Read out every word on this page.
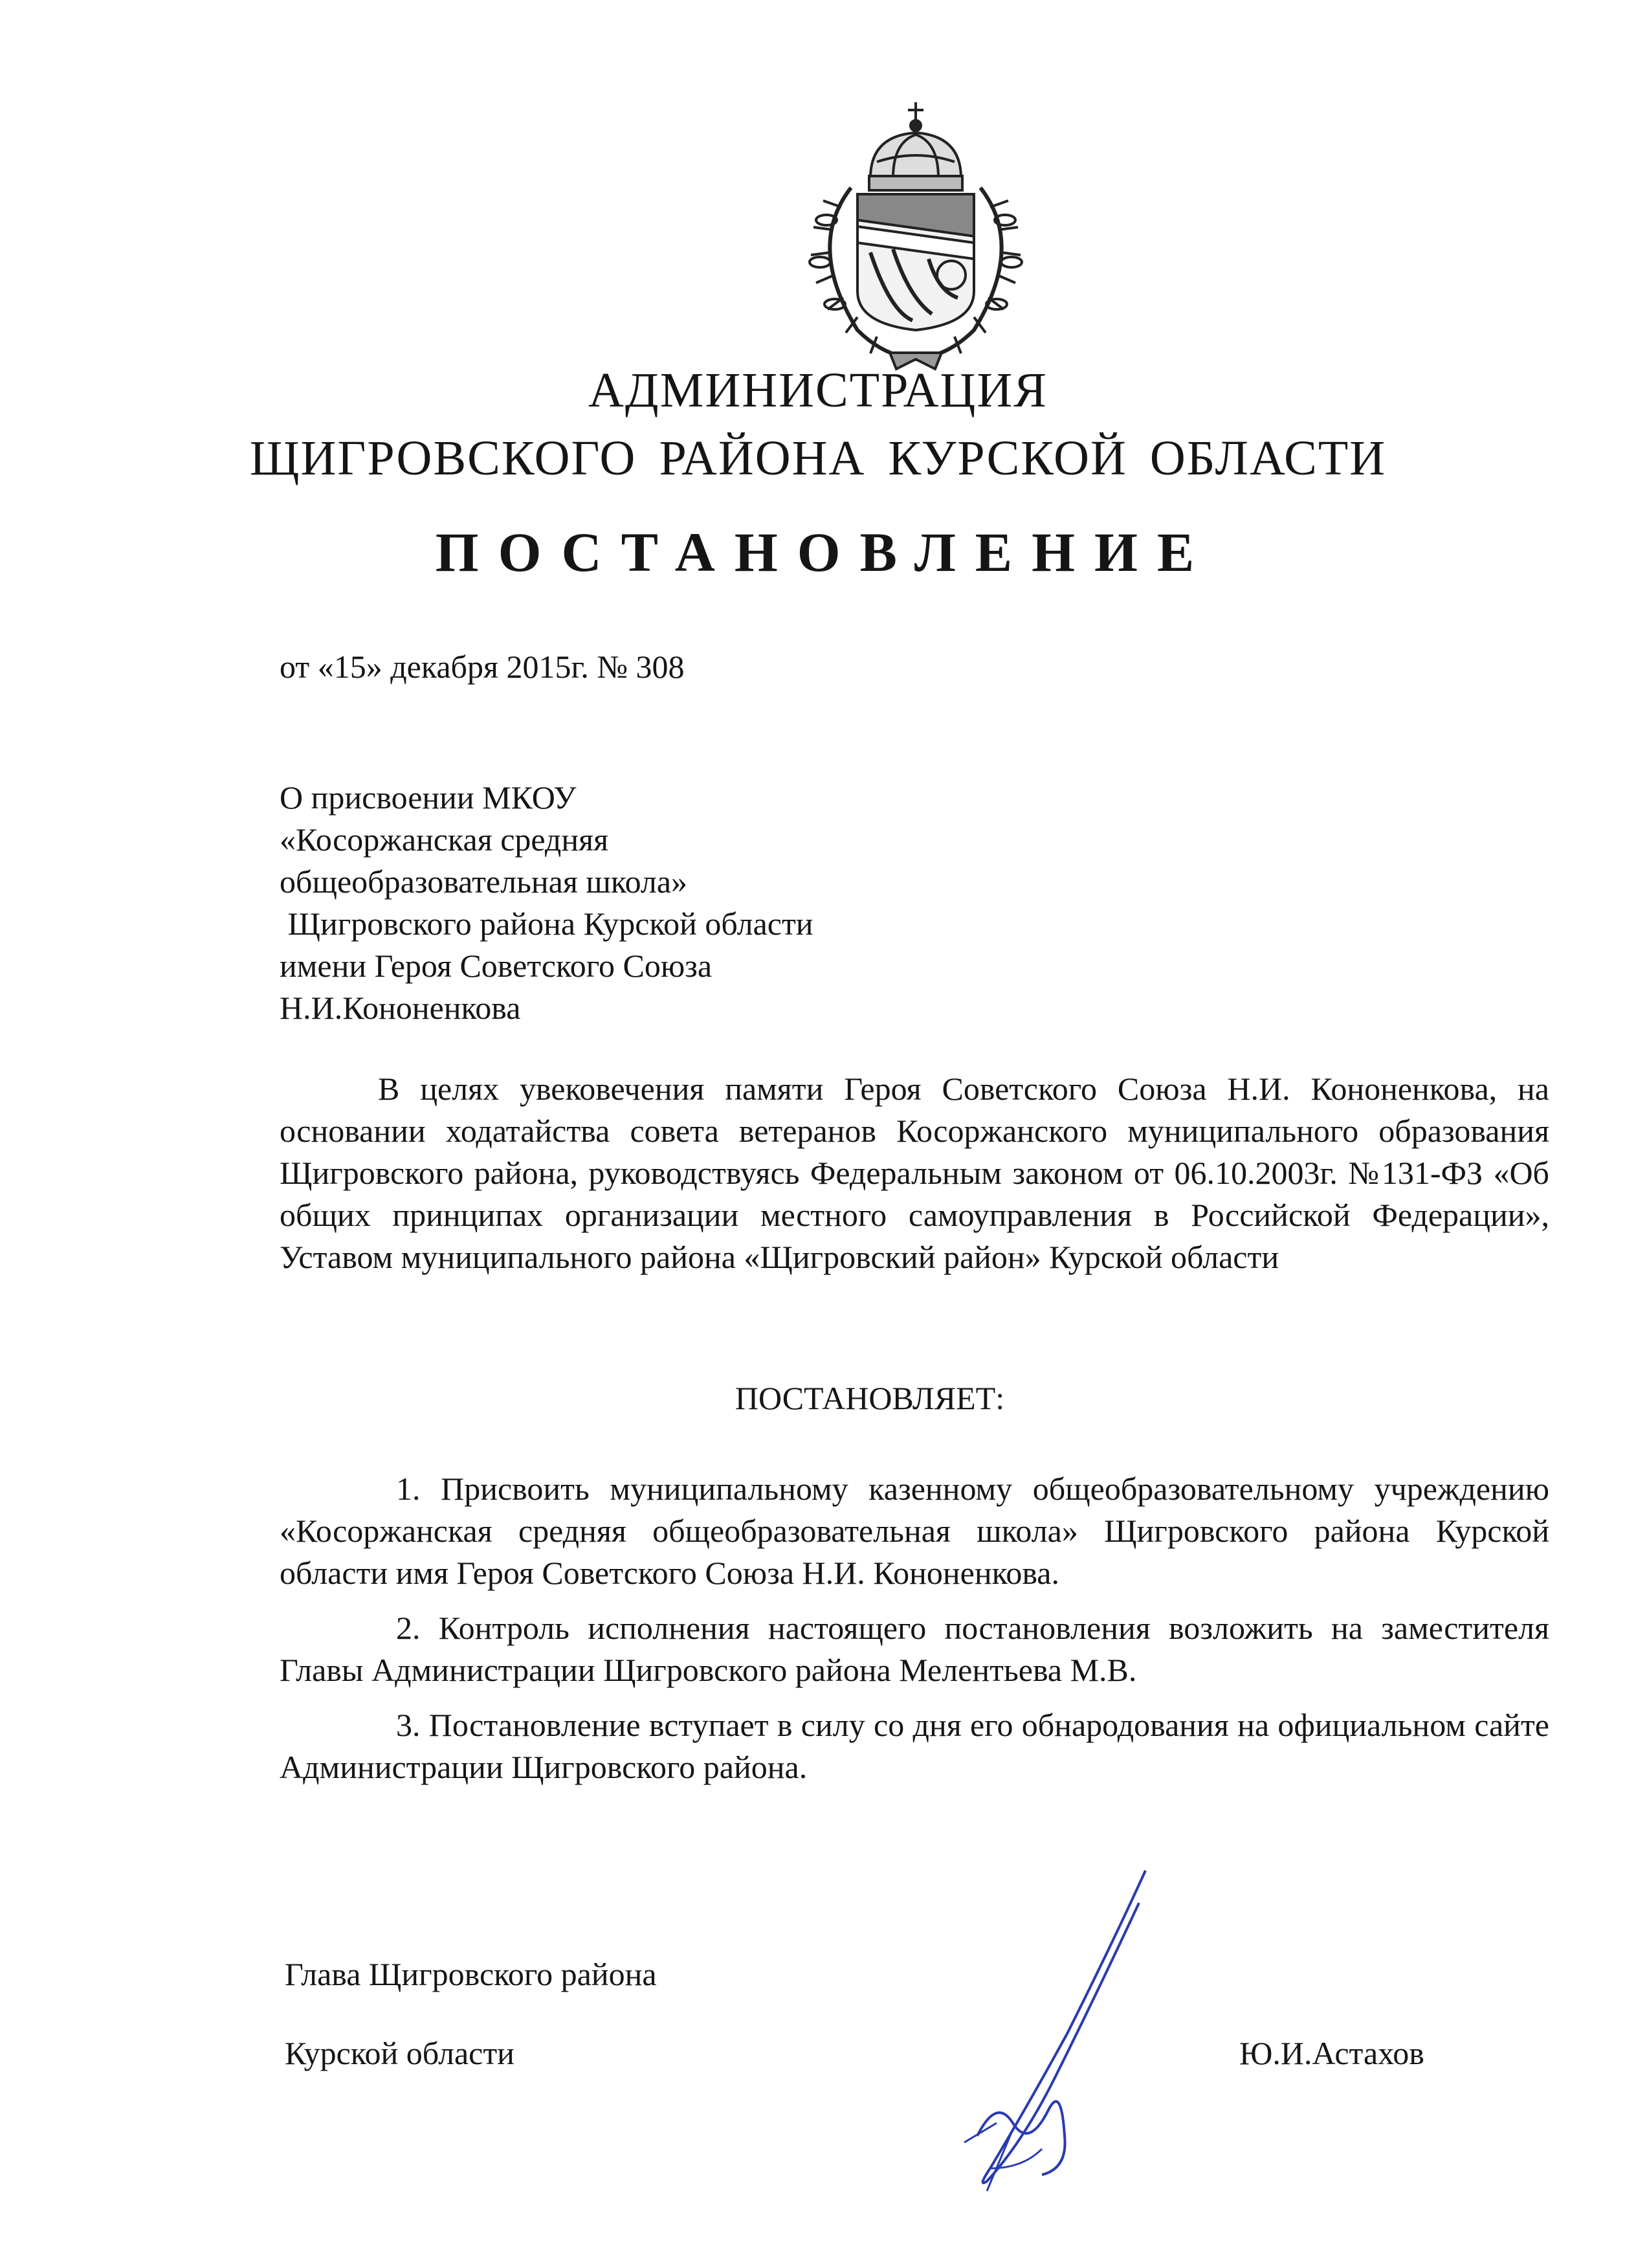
АДМИНИСТРАЦИЯ
ЩИГРОВСКОГО РАЙОНА КУРСКОЙ ОБЛАСТИ
ПОСТАНОВЛЕНИЕ
от «15» декабря 2015г. № 308
О присвоении МКОУ
«Косоржанская средняя
общеобразовательная школа»
Щигровского района Курской области
имени Героя Советского Союза
Н.И.Кононенкова

В целях увековечения памяти Героя Советского Союза Н.И. Кононенкова, на основании ходатайства совета ветеранов Косоржанского муниципального образования Щигровского района, руководствуясь Федеральным законом от 06.10.2003г. №131-ФЗ «Об общих принципах организации местного самоуправления в Российской Федерации», Уставом муниципального района «Щигровский район» Курской области

ПОСТАНОВЛЯЕТ:

1. Присвоить муниципальному казенному общеобразовательному учреждению «Косоржанская средняя общеобразовательная школа» Щигровского района Курской области имя Героя Советского Союза Н.И. Кононенкова.

2. Контроль исполнения настоящего постановления возложить на заместителя Главы Администрации Щигровского района Мелентьева М.В.

3. Постановление вступает в силу со дня его обнародования на официальном сайте Администрации Щигровского района.

Глава Щигровского района
Курской области	Ю.И.Астахов
